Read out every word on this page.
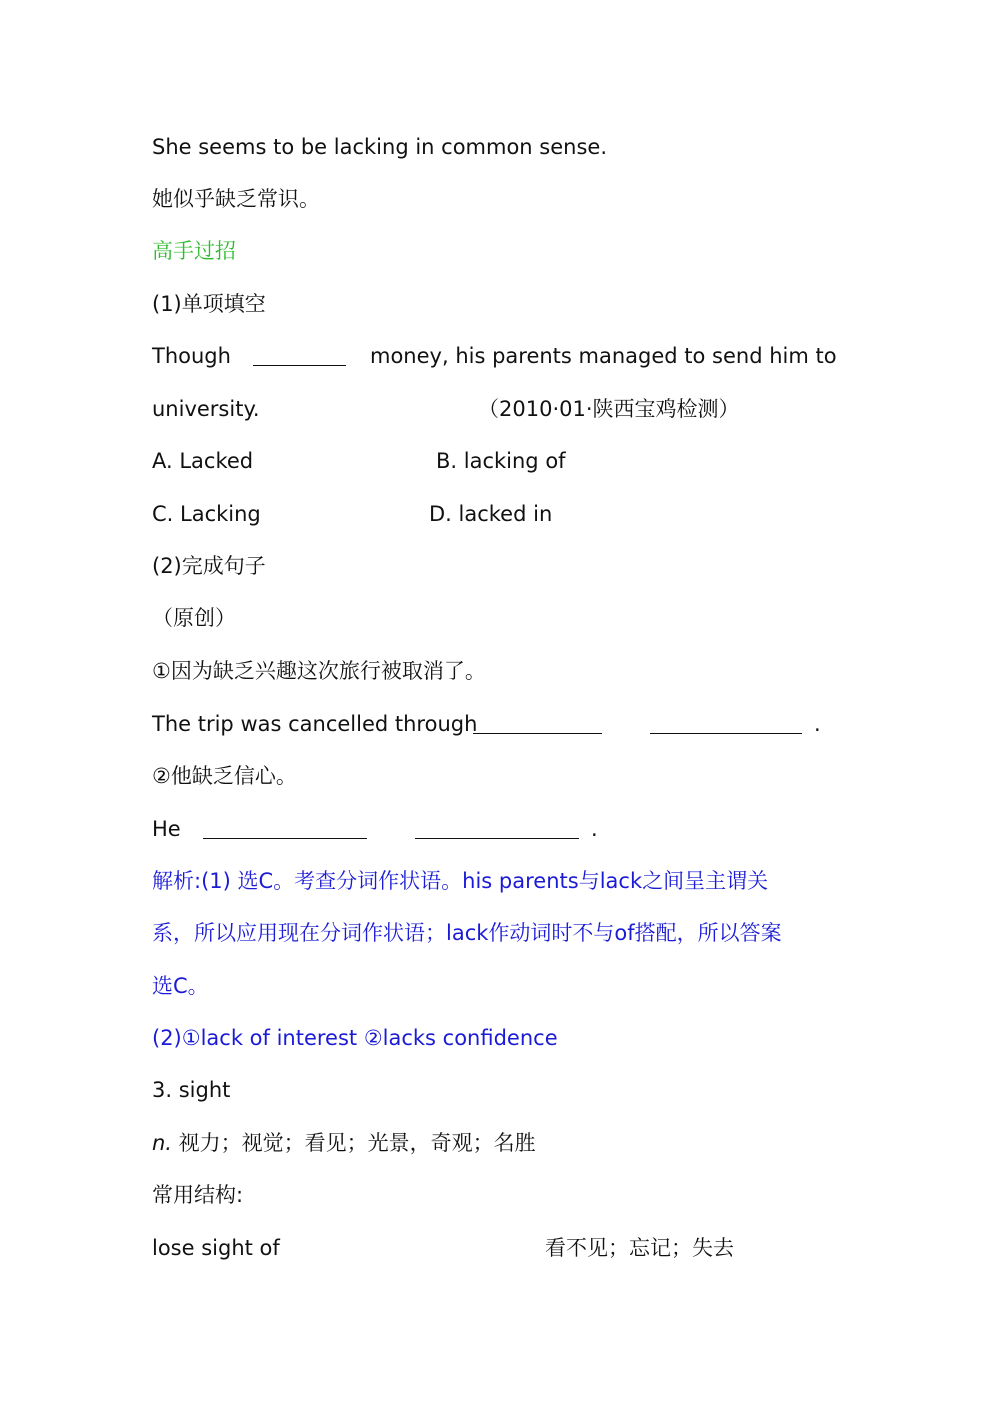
She seems to be lacking in common sense.
她似乎缺乏常识。
高手过招
(1)单项填空
Though	money, his parents managed to send him to
university.	（2010·01·陕西宝鸡检测）
A. Lacked	B. lacking of
C. Lacking	D. lacked in
(2)完成句子
（原创）
①因为缺乏兴趣这次旅行被取消了。
The trip was cancelled through	.
②他缺乏信心。
He	.
解析:(1) 选C。考查分词作状语。his parents与lack之间呈主谓关
系，所以应用现在分词作状语；lack作动词时不与of搭配，所以答案
选C。
(2)①lack of interest ②lacks confidence
3. sight
n. 视力；视觉；看见；光景，奇观；名胜
常用结构:
lose sight of	看不见；忘记；失去
